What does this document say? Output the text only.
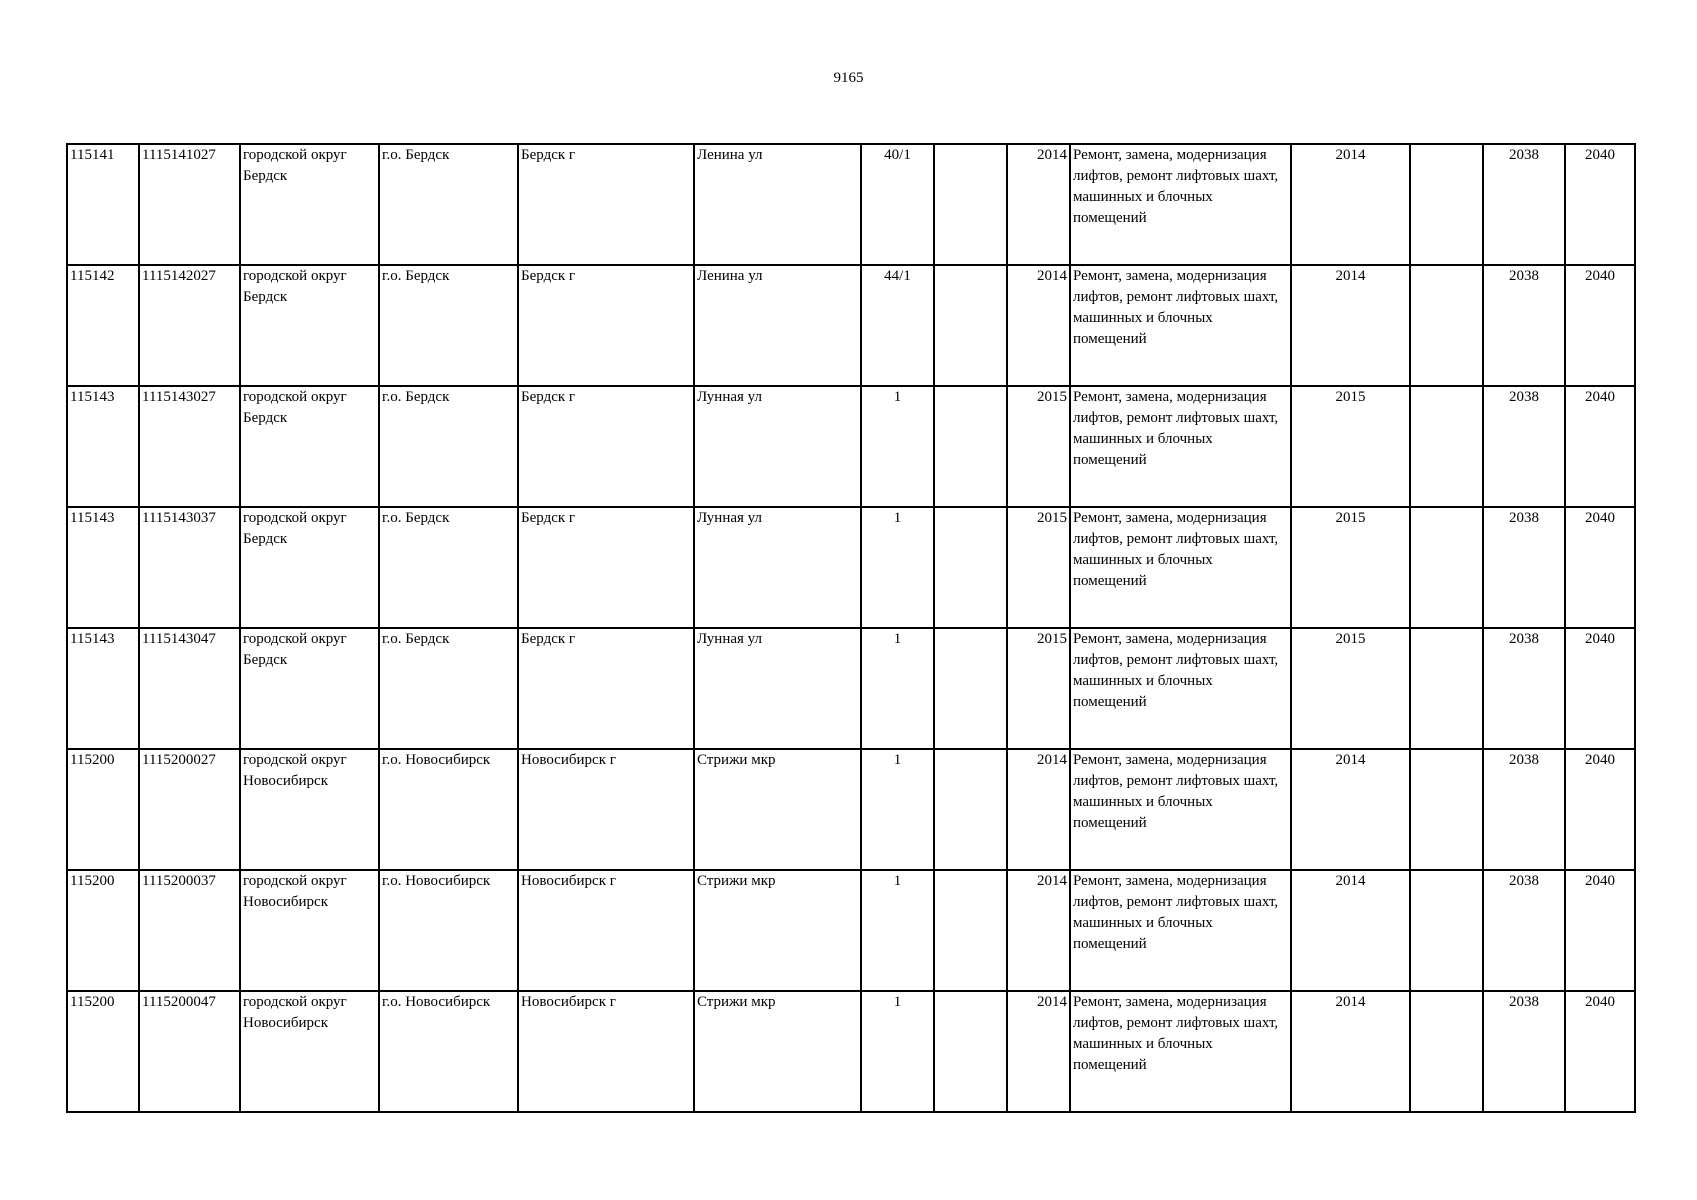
9165
115141	1115141027	городской округ Бердск	г.о. Бердск	Бердск г	Ленина ул	40/1		2014	Ремонт, замена, модернизация лифтов, ремонт лифтовых шахт, машинных и блочных помещений	2014		2038	2040
115142	1115142027	городской округ Бердск	г.о. Бердск	Бердск г	Ленина ул	44/1		2014	Ремонт, замена, модернизация лифтов, ремонт лифтовых шахт, машинных и блочных помещений	2014		2038	2040
115143	1115143027	городской округ Бердск	г.о. Бердск	Бердск г	Лунная ул	1		2015	Ремонт, замена, модернизация лифтов, ремонт лифтовых шахт, машинных и блочных помещений	2015		2038	2040
115143	1115143037	городской округ Бердск	г.о. Бердск	Бердск г	Лунная ул	1		2015	Ремонт, замена, модернизация лифтов, ремонт лифтовых шахт, машинных и блочных помещений	2015		2038	2040
115143	1115143047	городской округ Бердск	г.о. Бердск	Бердск г	Лунная ул	1		2015	Ремонт, замена, модернизация лифтов, ремонт лифтовых шахт, машинных и блочных помещений	2015		2038	2040
115200	1115200027	городской округ Новосибирск	г.о. Новосибирск	Новосибирск г	Стрижи мкр	1		2014	Ремонт, замена, модернизация лифтов, ремонт лифтовых шахт, машинных и блочных помещений	2014		2038	2040
115200	1115200037	городской округ Новосибирск	г.о. Новосибирск	Новосибирск г	Стрижи мкр	1		2014	Ремонт, замена, модернизация лифтов, ремонт лифтовых шахт, машинных и блочных помещений	2014		2038	2040
115200	1115200047	городской округ Новосибирск	г.о. Новосибирск	Новосибирск г	Стрижи мкр	1		2014	Ремонт, замена, модернизация лифтов, ремонт лифтовых шахт, машинных и блочных помещений	2014		2038	2040
